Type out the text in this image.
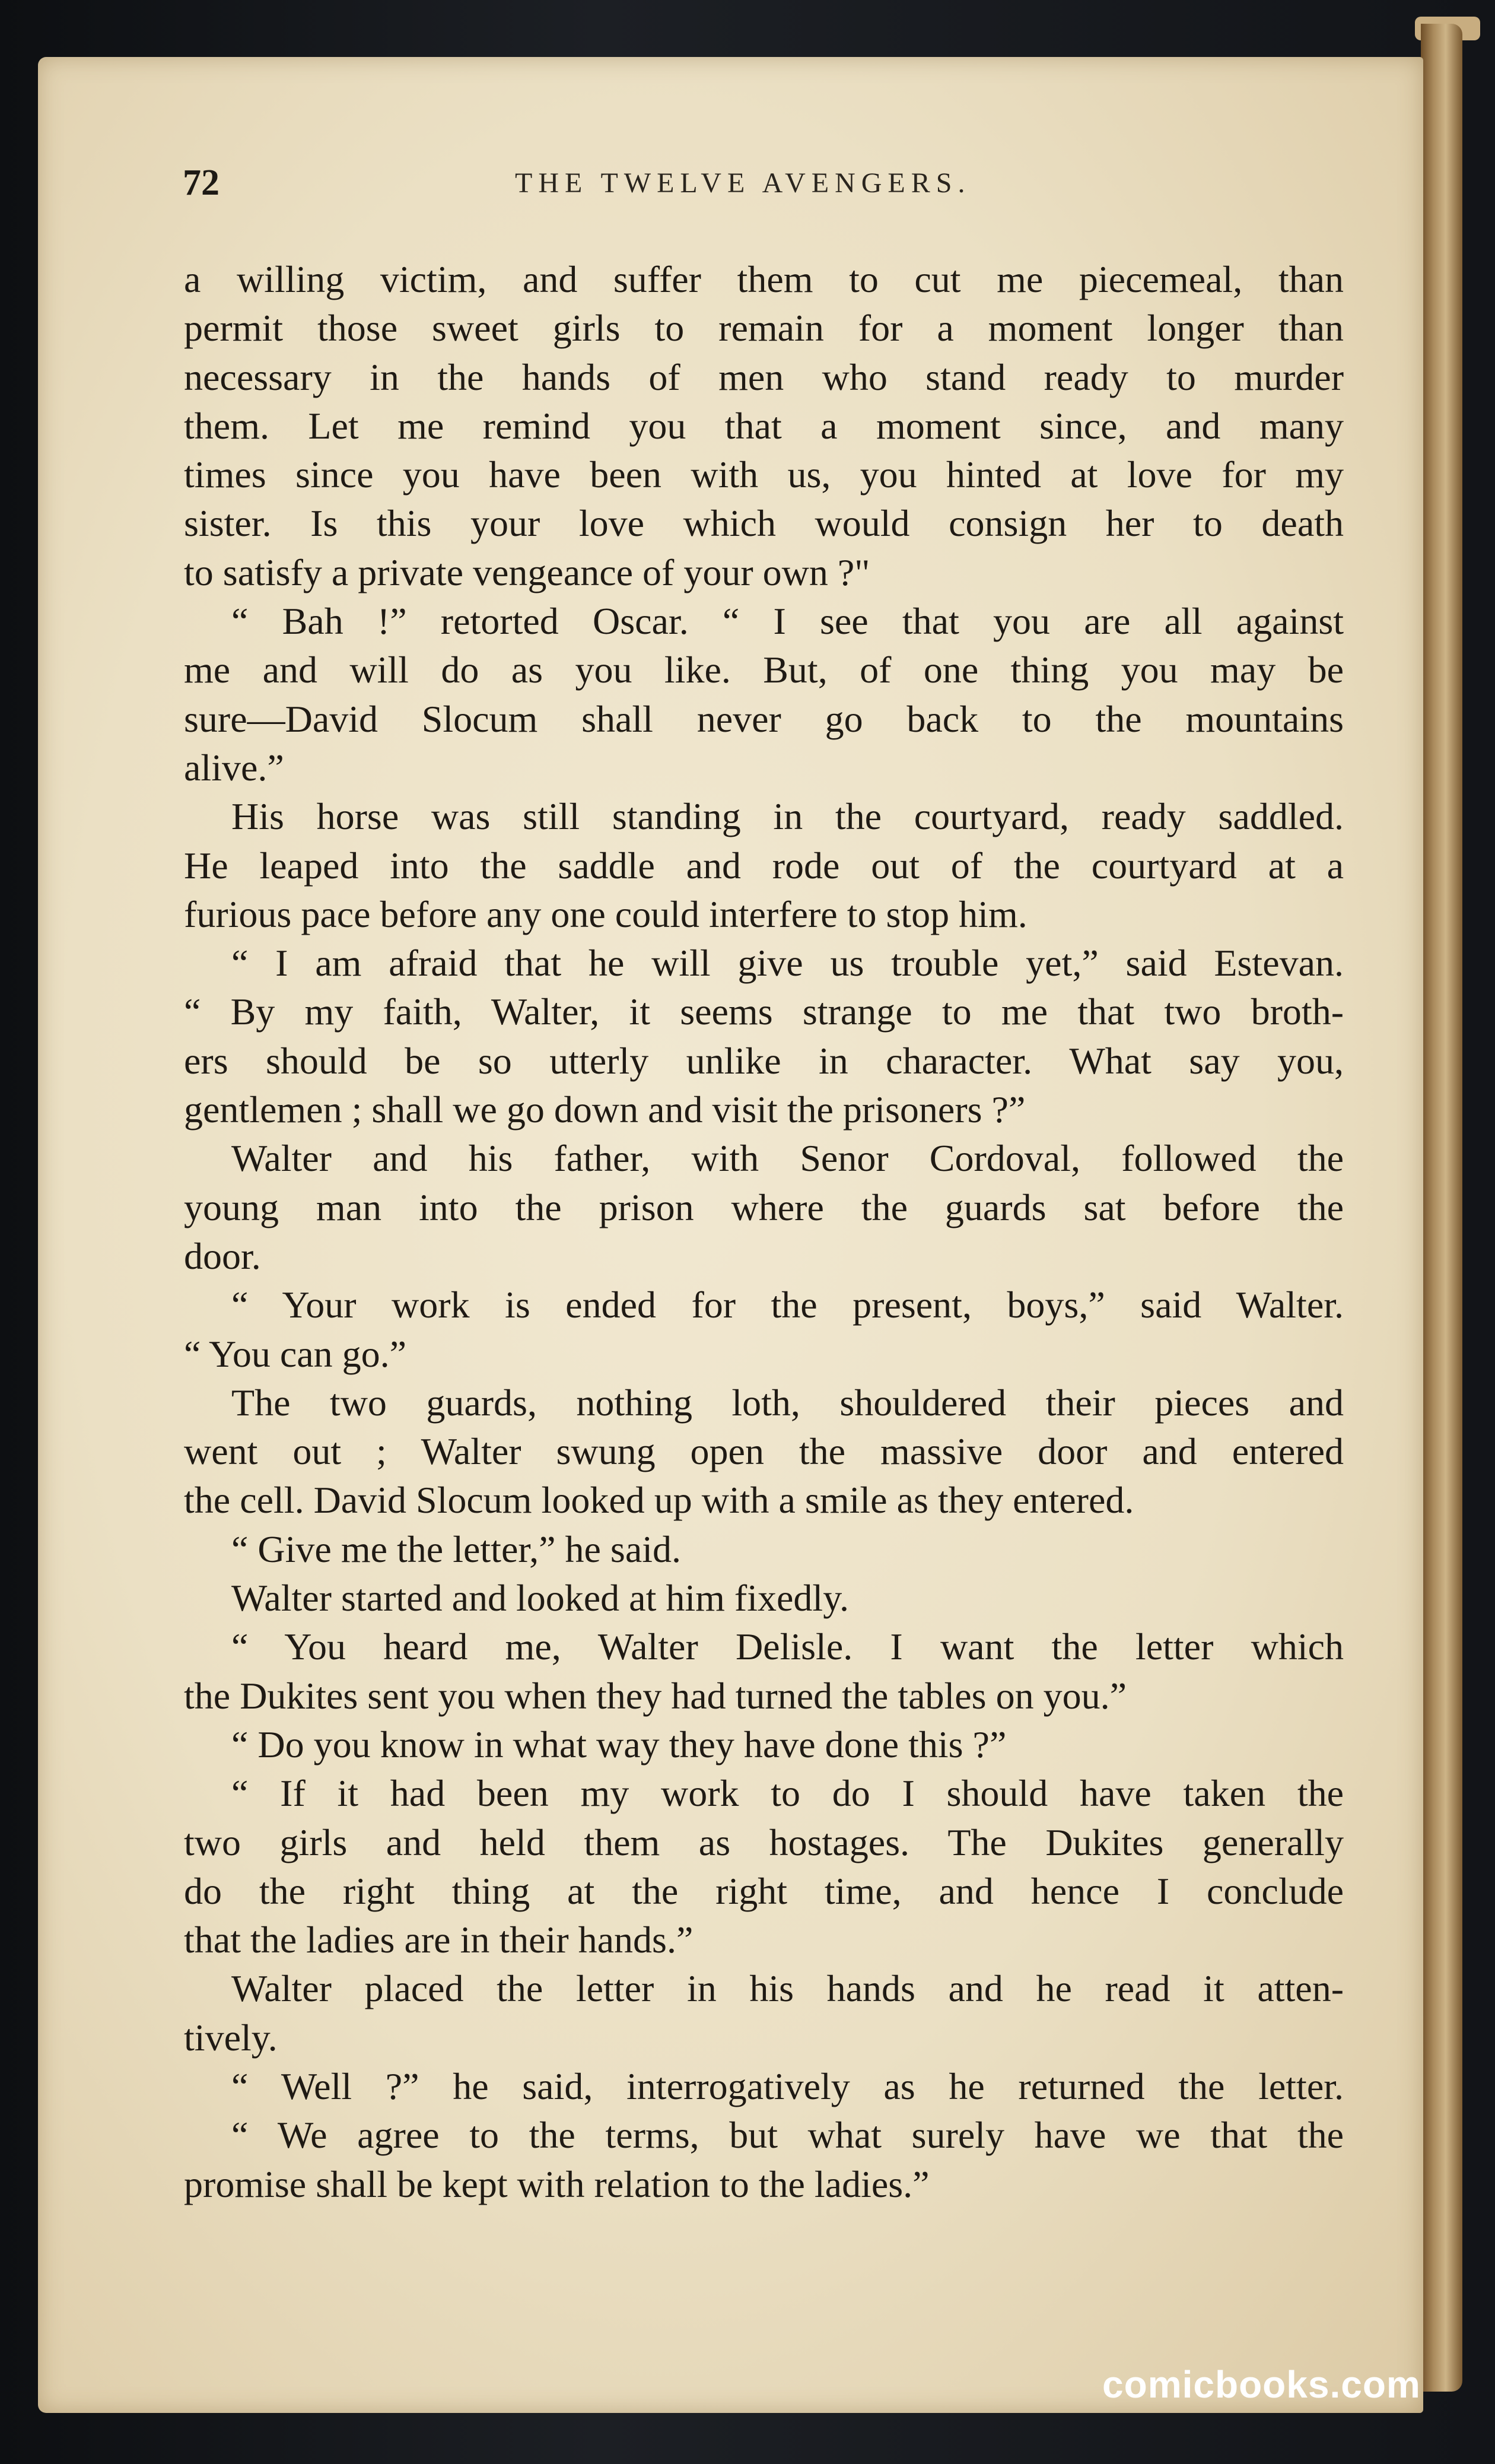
72	THE TWELVE AVENGERS.
a willing victim, and suffer them to cut me piecemeal, than
permit those sweet girls to remain for a moment longer than
necessary in the hands of men who stand ready to murder
them. Let me remind you that a moment since, and many
times since you have been with us, you hinted at love for my
sister. Is this your love which would consign her to death
to satisfy a private vengeance of your own ?"
“ Bah !” retorted Oscar. “ I see that you are all against
me and will do as you like. But, of one thing you may be
sure—David Slocum shall never go back to the mountains
alive.”
His horse was still standing in the courtyard, ready saddled.
He leaped into the saddle and rode out of the courtyard at a
furious pace before any one could interfere to stop him.
“ I am afraid that he will give us trouble yet,” said Estevan.
“ By my faith, Walter, it seems strange to me that two broth-
ers should be so utterly unlike in character. What say you,
gentlemen ; shall we go down and visit the prisoners ?”
Walter and his father, with Senor Cordoval, followed the
young man into the prison where the guards sat before the
door.
“ Your work is ended for the present, boys,” said Walter.
“ You can go.”
The two guards, nothing loth, shouldered their pieces and
went out ; Walter swung open the massive door and entered
the cell. David Slocum looked up with a smile as they entered.
“ Give me the letter,” he said.
Walter started and looked at him fixedly.
“ You heard me, Walter Delisle. I want the letter which
the Dukites sent you when they had turned the tables on you.”
“ Do you know in what way they have done this ?”
“ If it had been my work to do I should have taken the
two girls and held them as hostages. The Dukites generally
do the right thing at the right time, and hence I conclude
that the ladies are in their hands.”
Walter placed the letter in his hands and he read it atten-
tively.
“ Well ?” he said, interrogatively as he returned the letter.
“ We agree to the terms, but what surely have we that the
promise shall be kept with relation to the ladies.”
comicbooks.com
